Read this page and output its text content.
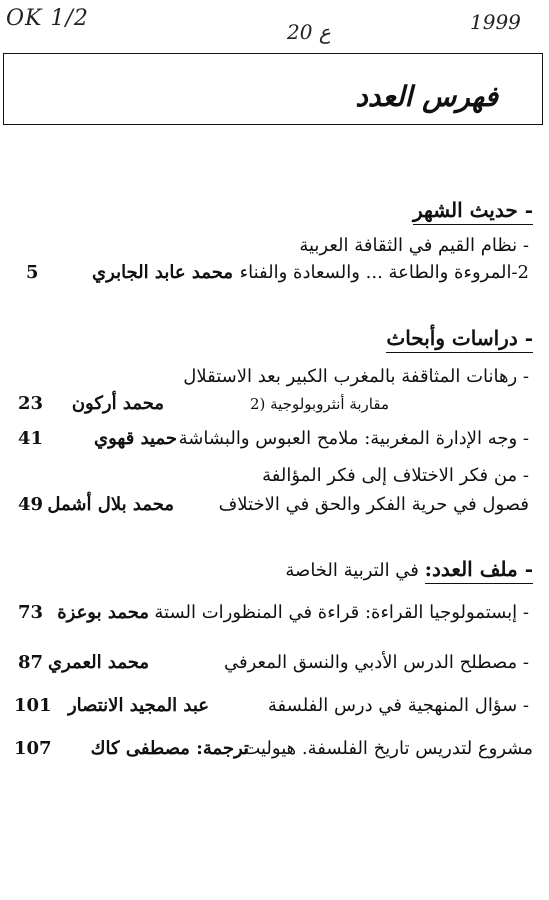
OK 1/2
20 ع	1999
فهرس العدد
- حديث الشهر
- نظام القيم في الثقافة العربية
2-المروءة والطاعة ... والسعادة والفناء
محمد عابد الجابري
5
- دراسات وأبحاث
- رهانات المثاقفة بالمغرب الكبير بعد الاستقلال
مقاربة أنثروبولوجية (2
محمد أركون
23
- وجه الإدارة المغربية: ملامح العبوس والبشاشة
حميد قهوي
41
- من فكر الاختلاف إلى فكر المؤالفة
فصول في حرية الفكر والحق في الاختلاف
محمد بلال أشمل
49
- ملف العدد: في التربية الخاصة
- إبستمولوجيا القراءة: قراءة في المنظورات الستة
محمد بوعزة
73
- مصطلح الدرس الأدبي والنسق المعرفي
محمد العمري
87
- سؤال المنهجية في درس الفلسفة
عبد المجيد الانتصار
101
مشروع لتدريس تاريخ الفلسفة. هيوليت
ترجمة: مصطفى كاك
107
